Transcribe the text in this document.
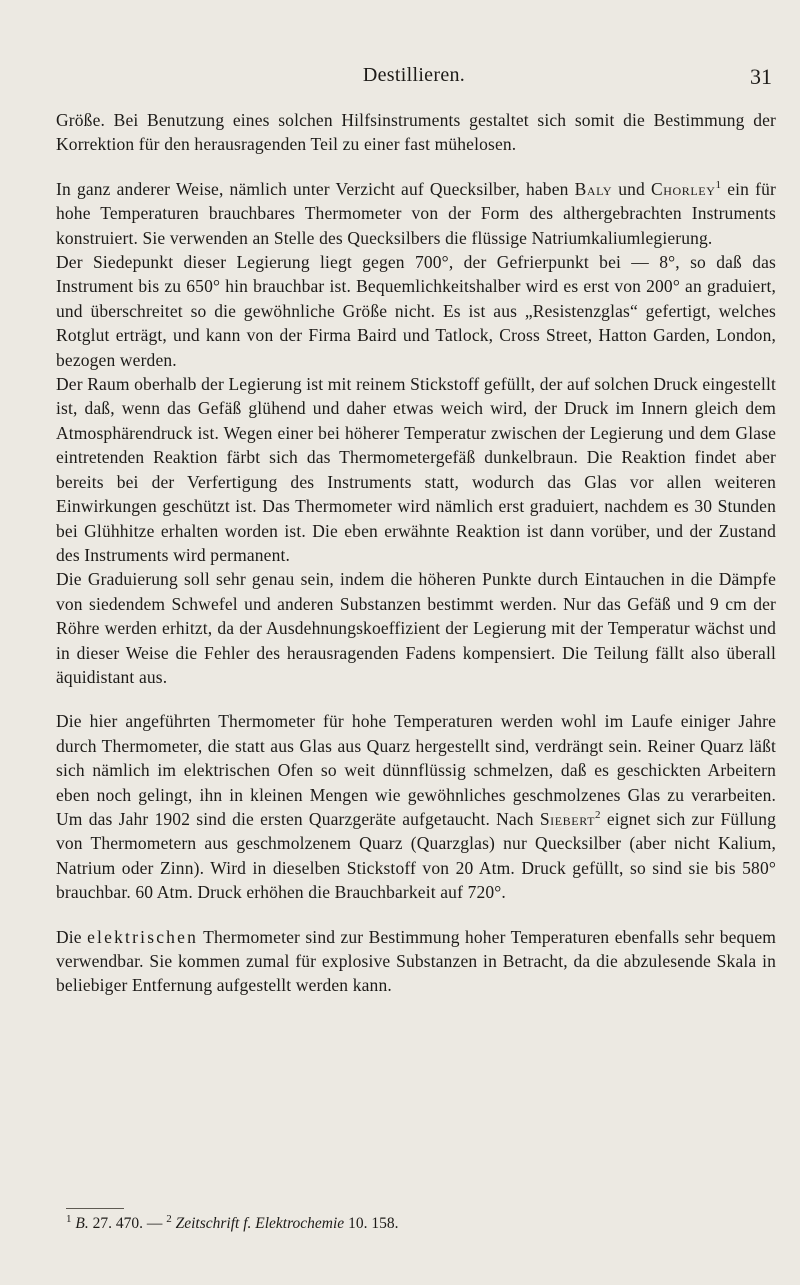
Destillieren.	31

Größe. Bei Benutzung eines solchen Hilfsinstruments gestaltet sich somit die Bestimmung der Korrektion für den herausragenden Teil zu einer fast mühelosen.

In ganz anderer Weise, nämlich unter Verzicht auf Quecksilber, haben Baly und Chorley$^1$ ein für hohe Temperaturen brauchbares Thermometer von der Form des althergebrachten Instruments konstruiert. Sie verwenden an Stelle des Quecksilbers die flüssige Natriumkaliumlegierung.

Der Siedepunkt dieser Legierung liegt gegen 700°, der Gefrierpunkt bei — 8°, so daß das Instrument bis zu 650° hin brauchbar ist. Bequemlichkeitshalber wird es erst von 200° an graduiert, und überschreitet so die gewöhnliche Größe nicht. Es ist aus „Resistenzglas“ gefertigt, welches Rotglut erträgt, und kann von der Firma Baird und Tatlock, Cross Street, Hatton Garden, London, bezogen werden.

Der Raum oberhalb der Legierung ist mit reinem Stickstoff gefüllt, der auf solchen Druck eingestellt ist, daß, wenn das Gefäß glühend und daher etwas weich wird, der Druck im Innern gleich dem Atmosphärendruck ist. Wegen einer bei höherer Temperatur zwischen der Legierung und dem Glase eintretenden Reaktion färbt sich das Thermometergefäß dunkelbraun. Die Reaktion findet aber bereits bei der Verfertigung des Instruments statt, wodurch das Glas vor allen weiteren Einwirkungen geschützt ist. Das Thermometer wird nämlich erst graduiert, nachdem es 30 Stunden bei Glühhitze erhalten worden ist. Die eben erwähnte Reaktion ist dann vorüber, und der Zustand des Instruments wird permanent.

Die Graduierung soll sehr genau sein, indem die höheren Punkte durch Eintauchen in die Dämpfe von siedendem Schwefel und anderen Substanzen bestimmt werden. Nur das Gefäß und 9 cm der Röhre werden erhitzt, da der Ausdehnungskoeffizient der Legierung mit der Temperatur wächst und in dieser Weise die Fehler des herausragenden Fadens kompensiert. Die Teilung fällt also überall äquidistant aus.

Die hier angeführten Thermometer für hohe Temperaturen werden wohl im Laufe einiger Jahre durch Thermometer, die statt aus Glas aus Quarz hergestellt sind, verdrängt sein. Reiner Quarz läßt sich nämlich im elektrischen Ofen so weit dünnflüssig schmelzen, daß es geschickten Arbeitern eben noch gelingt, ihn in kleinen Mengen wie gewöhnliches geschmolzenes Glas zu verarbeiten. Um das Jahr 1902 sind die ersten Quarzgeräte aufgetaucht. Nach Siebert$^2$ eignet sich zur Füllung von Thermometern aus geschmolzenem Quarz (Quarzglas) nur Quecksilber (aber nicht Kalium, Natrium oder Zinn). Wird in dieselben Stickstoff von 20 Atm. Druck gefüllt, so sind sie bis 580° brauchbar. 60 Atm. Druck erhöhen die Brauchbarkeit auf 720°.

Die elektrischen Thermometer sind zur Bestimmung hoher Temperaturen ebenfalls sehr bequem verwendbar. Sie kommen zumal für explosive Substanzen in Betracht, da die abzulesende Skala in beliebiger Entfernung aufgestellt werden kann.

$^1$ B. 27. 470. — $^2$ Zeitschrift f. Elektrochemie 10. 158.
